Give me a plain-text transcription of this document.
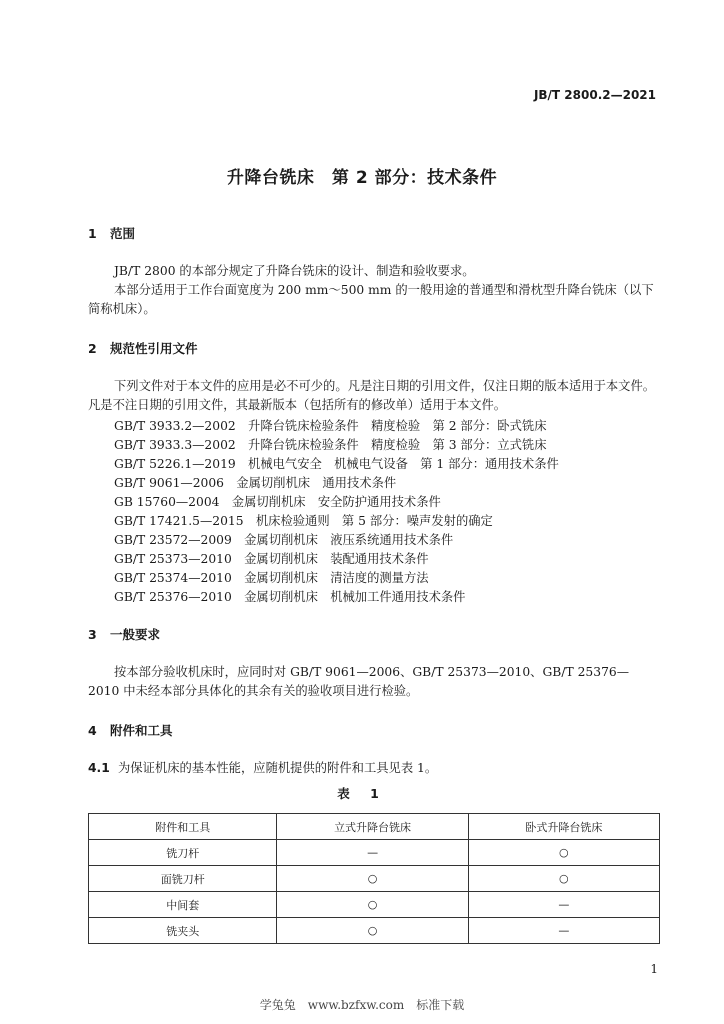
JB/T 2800.2—2021
升降台铣床　第 2 部分：技术条件
1 范围
JB/T 2800 的本部分规定了升降台铣床的设计、制造和验收要求。
本部分适用于工作台面宽度为 200 mm～500 mm 的一般用途的普通型和滑枕型升降台铣床（以下简称机床）。
2 规范性引用文件
下列文件对于本文件的应用是必不可少的。凡是注日期的引用文件，仅注日期的版本适用于本文件。凡是不注日期的引用文件，其最新版本（包括所有的修改单）适用于本文件。
GB/T 3933.2—2002　升降台铣床检验条件　精度检验　第 2 部分：卧式铣床
GB/T 3933.3—2002　升降台铣床检验条件　精度检验　第 3 部分：立式铣床
GB/T 5226.1—2019　机械电气安全　机械电气设备　第 1 部分：通用技术条件
GB/T 9061—2006　金属切削机床　通用技术条件
GB 15760—2004　金属切削机床　安全防护通用技术条件
GB/T 17421.5—2015　机床检验通则　第 5 部分：噪声发射的确定
GB/T 23572—2009　金属切削机床　液压系统通用技术条件
GB/T 25373—2010　金属切削机床　装配通用技术条件
GB/T 25374—2010　金属切削机床　清洁度的测量方法
GB/T 25376—2010　金属切削机床　机械加工件通用技术条件
3 一般要求
按本部分验收机床时，应同时对 GB/T 9061—2006、GB/T 25373—2010、GB/T 25376—2010 中未经本部分具体化的其余有关的验收项目进行检验。
4 附件和工具
4.1 为保证机床的基本性能，应随机提供的附件和工具见表 1。
表 1
附件和工具	立式升降台铣床	卧式升降台铣床
铣刀杆	—	○
面铣刀杆	○	○
中间套	○	—
铣夹头	○	—
1
学兔兔　www.bzfxw.com　标准下载
